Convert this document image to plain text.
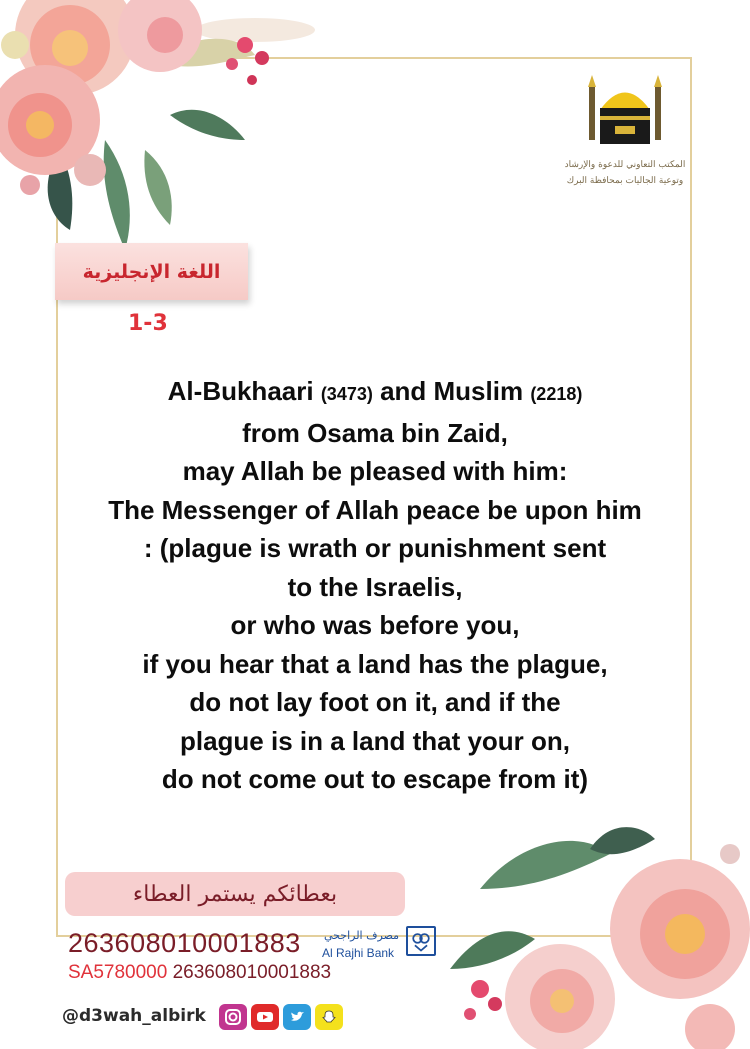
المكتب التعاوني للدعوة والإرشاد
وتوعية الجاليات بمحافظة البرك
اللغة الإنجليزية
1-3
Al-Bukhaari (3473) and Muslim (2218)
from Osama bin Zaid,
may Allah be pleased with him:
The Messenger of Allah peace be upon him
: (plague is wrath or punishment sent
to the Israelis,
or who was before you,
if you hear that a land has the plague,
do not lay foot on it, and if the
plague is in a land that your on,
do not come out to escape from it)
بعطائكم يستمر العطاء
263608010001883
SA5780000 263608010001883
مصرف الراجحي
Al Rajhi Bank
@d3wah_albirk
